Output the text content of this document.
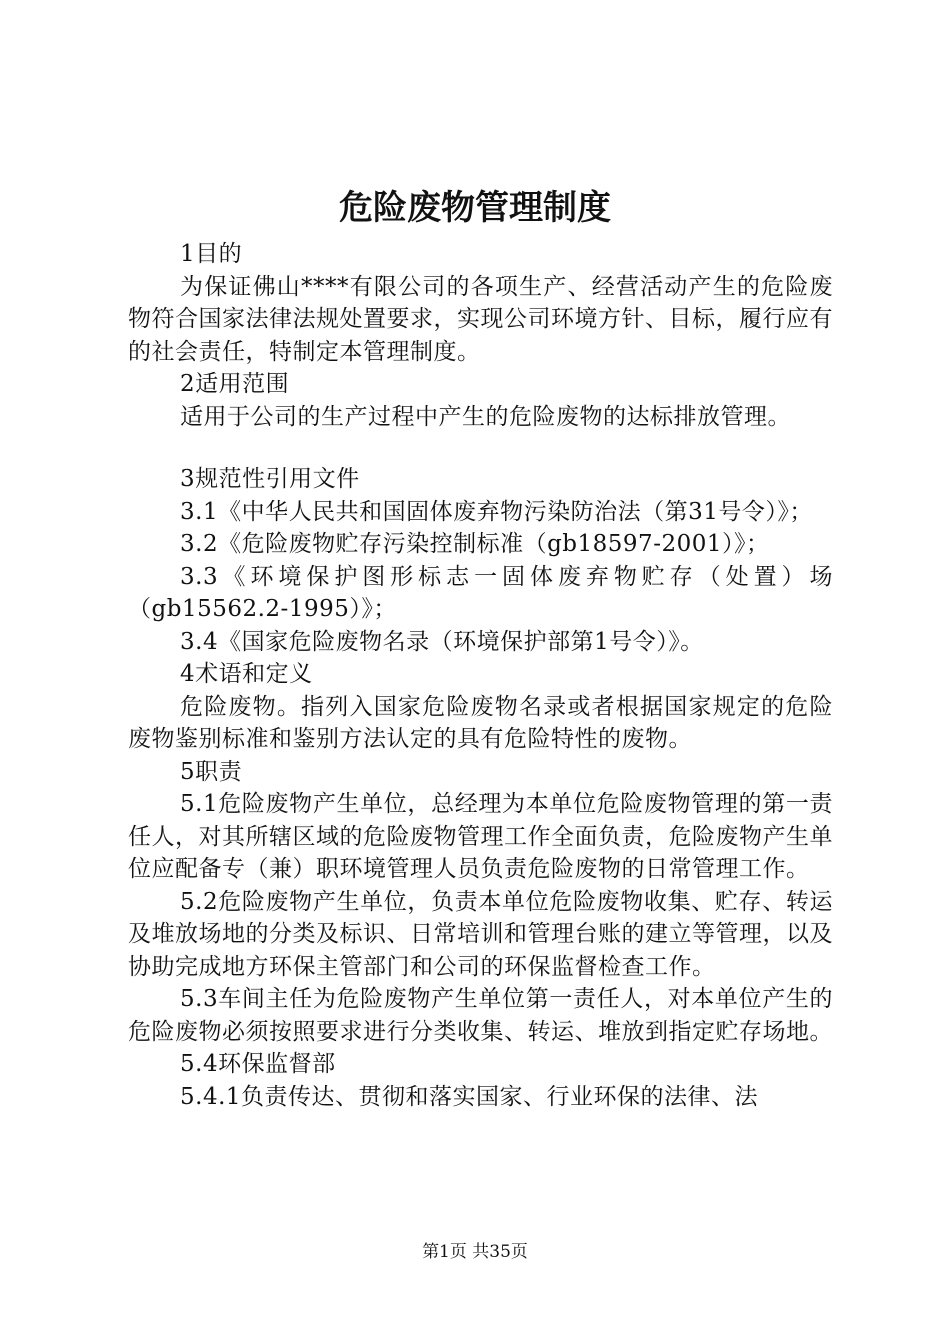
危险废物管理制度

1目的

为保证佛山****有限公司的各项生产、经营活动产生的危险废物符合国家法律法规处置要求，实现公司环境方针、目标，履行应有的社会责任，特制定本管理制度。

2适用范围

适用于公司的生产过程中产生的危险废物的达标排放管理。

3规范性引用文件

3.1《中华人民共和国固体废弃物污染防治法（第31号令）》；

3.2《危险废物贮存污染控制标准（gb18597-2001）》；

3.3《环境保护图形标志一固体废弃物贮存（处置）场（gb15562.2-1995）》；

3.4《国家危险废物名录（环境保护部第1号令）》。

4术语和定义

危险废物。指列入国家危险废物名录或者根据国家规定的危险废物鉴别标准和鉴别方法认定的具有危险特性的废物。

5职责

5.1危险废物产生单位，总经理为本单位危险废物管理的第一责任人，对其所辖区域的危险废物管理工作全面负责，危险废物产生单位应配备专（兼）职环境管理人员负责危险废物的日常管理工作。

5.2危险废物产生单位，负责本单位危险废物收集、贮存、转运及堆放场地的分类及标识、日常培训和管理台账的建立等管理，以及协助完成地方环保主管部门和公司的环保监督检查工作。

5.3车间主任为危险废物产生单位第一责任人，对本单位产生的危险废物必须按照要求进行分类收集、转运、堆放到指定贮存场地。

5.4环保监督部

5.4.1负责传达、贯彻和落实国家、行业环保的法律、法

第1页 共35页
